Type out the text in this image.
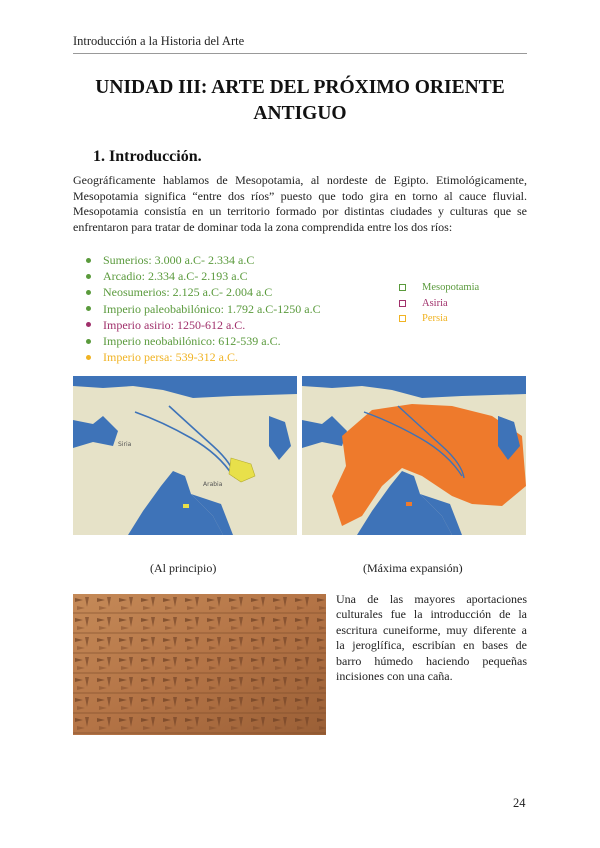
Introducción a la Historia del Arte
UNIDAD III: ARTE DEL PRÓXIMO ORIENTE ANTIGUO
1. Introducción.

Geográficamente hablamos de Mesopotamia, al nordeste de Egipto. Etimológicamente, Mesopotamia significa “entre dos ríos” puesto que todo gira en torno al cauce fluvial. Mesopotamia consistía en un territorio formado por distintas ciudades y culturas que se enfrentaron para tratar de dominar toda la zona comprendida entre los dos ríos:

Sumerios: 3.000 a.C- 2.334 a.C
Arcadio: 2.334 a.C- 2.193 a.C
Neosumerios: 2.125 a.C- 2.004 a.C
Imperio paleobabilónico: 1.792 a.C-1250 a.C
Imperio asirio: 1250-612 a.C.
Imperio neobabilónico: 612-539 a.C.
Imperio persa: 539-312 a.C.
Mesopotamia
Asiria
Persia
Siria
Arabia
(Al principio)	(Máxima expansión)

Una de las mayores aportaciones culturales fue la introducción de la escritura cuneiforme, muy diferente a la jeroglífica, escribían en bases de barro húmedo haciendo pequeñas incisiones con una caña.

24
